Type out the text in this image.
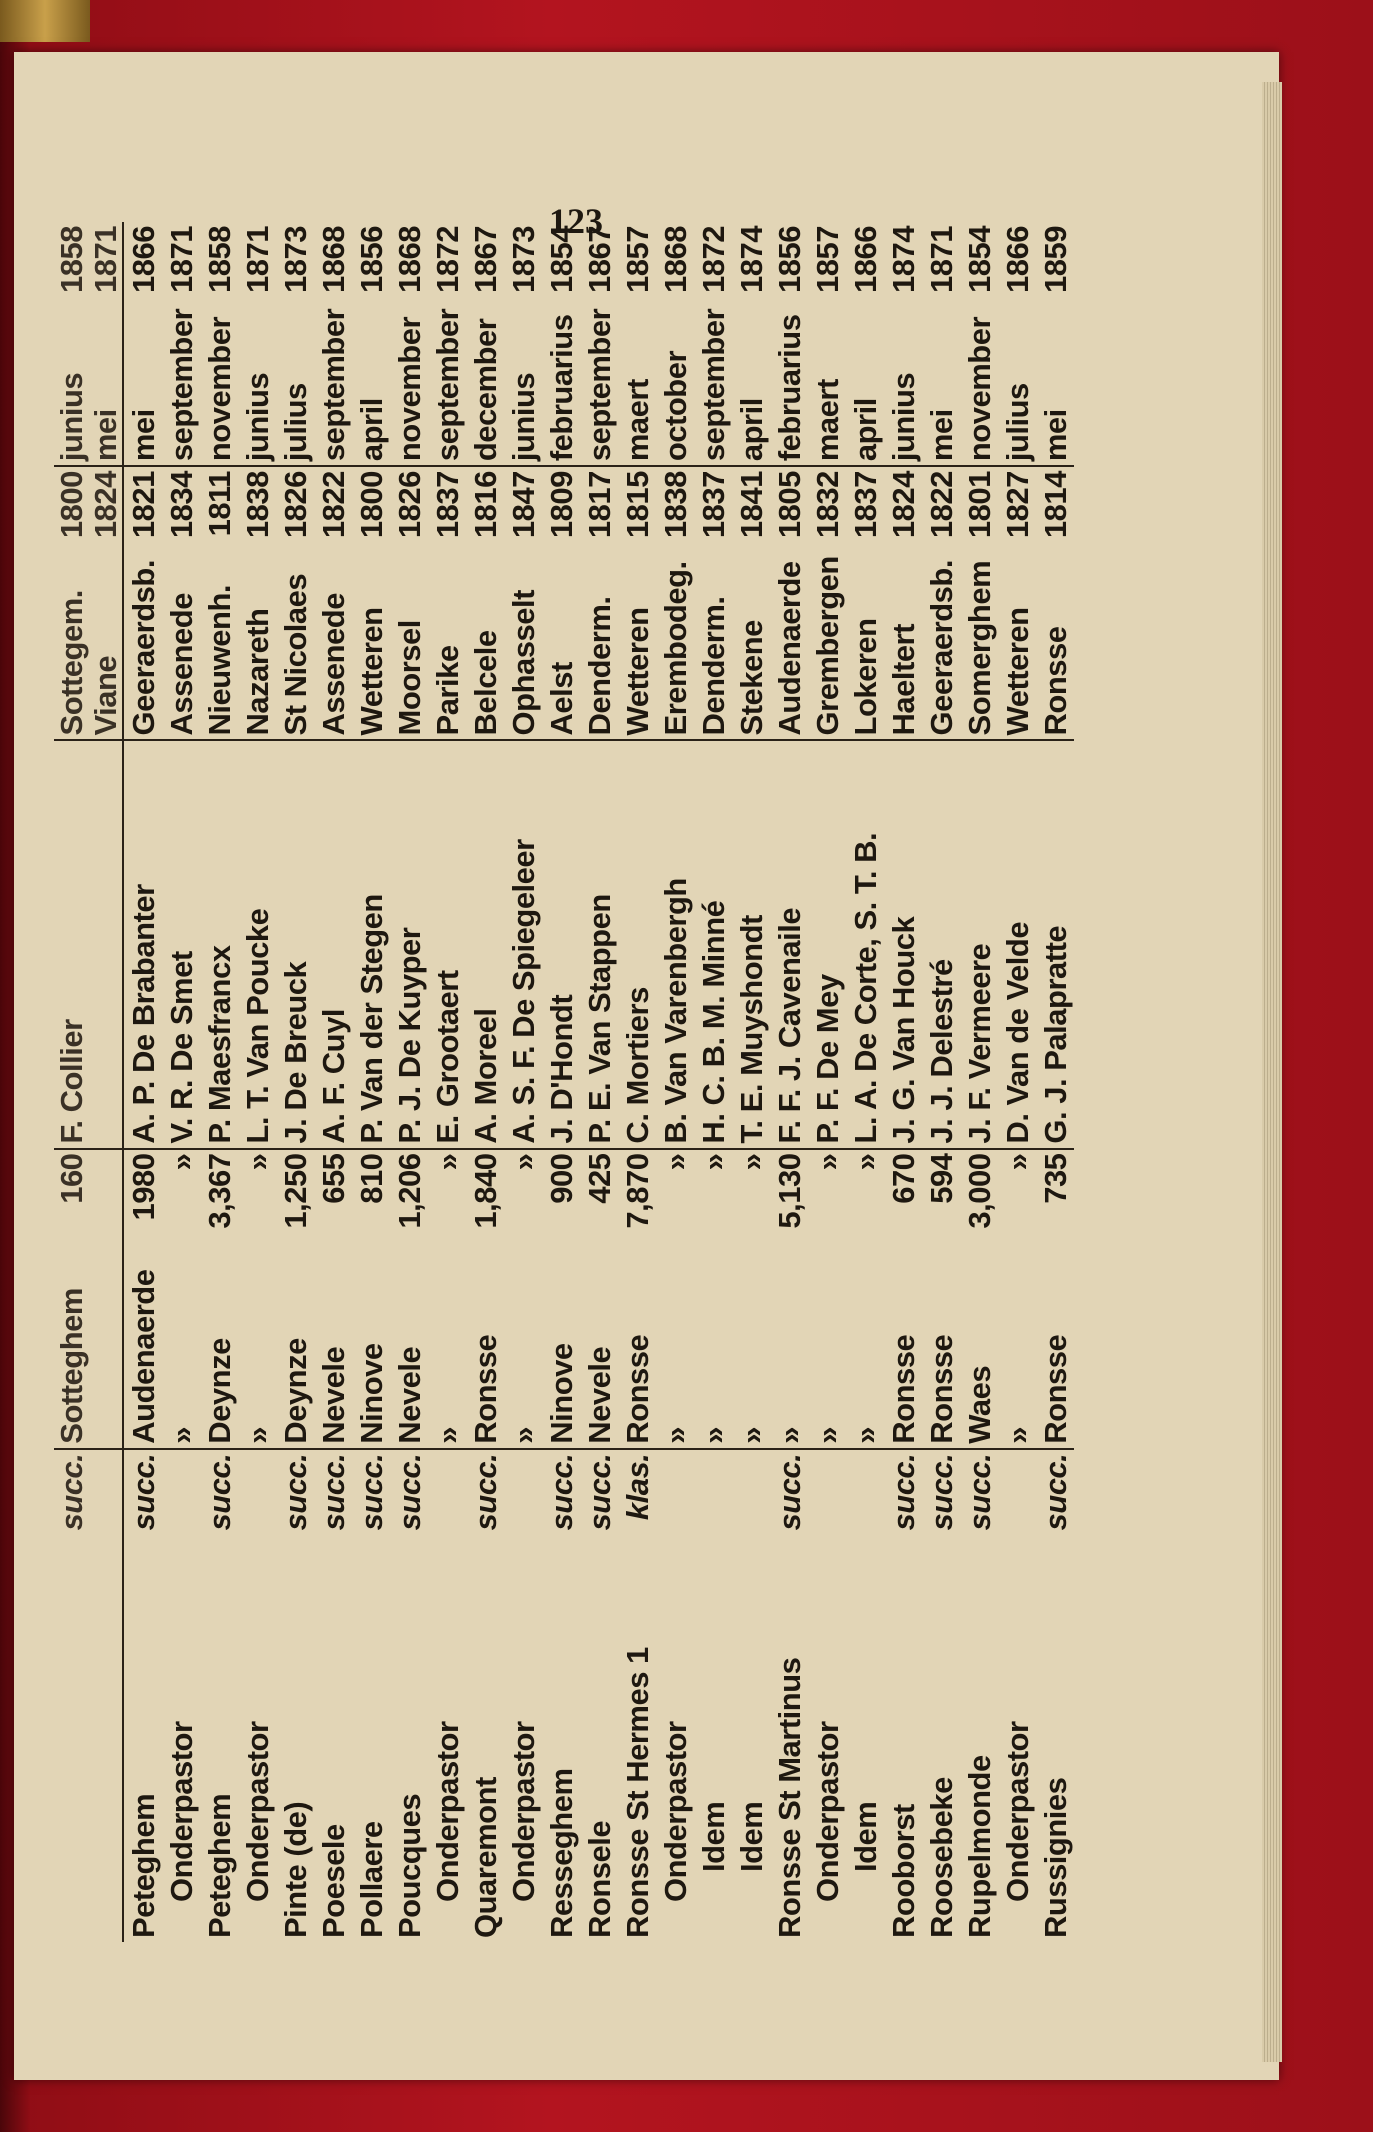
123
	succ.	Sotteghem	160	F. Collier	Sottegem.	1800	junius	1858
					Viane	1824	mei	1871
Peteghem	succ.	Audenaerde	1980	A. P. De Brabanter	Geeraerdsb.	1821	mei	1866
Onderpastor		»	»	V. R. De Smet	Assenede	1834	september	1871
Peteghem	succ.	Deynze	3,367	P. Maesfrancx	Nieuwenh.	1811	november	1858
Onderpastor		»	»	L. T. Van Poucke	Nazareth	1838	junius	1871
Pinte (de)	succ.	Deynze	1,250	J. De Breuck	St Nicolaes	1826	julius	1873
Poesele	succ.	Nevele	655	A. F. Cuyl	Assenede	1822	september	1868
Pollaere	succ.	Ninove	810	P. Van der Stegen	Wetteren	1800	april	1856
Poucques	succ.	Nevele	1,206	P. J. De Kuyper	Moorsel	1826	november	1868
Onderpastor		»	»	E. Grootaert	Parike	1837	september	1872
Quaremont	succ.	Ronsse	1,840	A. Moreel	Belcele	1816	december	1867
Onderpastor		»	»	A. S. F. De Spiegeleer	Ophasselt	1847	junius	1873
Resseghem	succ.	Ninove	900	J. D'Hondt	Aelst	1809	februarius	1854
Ronsele	succ.	Nevele	425	P. E. Van Stappen	Denderm.	1817	september	1867
Ronsse St Hermes 1	klas.	Ronsse	7,870	C. Mortiers	Wetteren	1815	maert	1857
Onderpastor		»	»	B. Van Varenbergh	Erembodeg.	1838	october	1868
Idem		»	»	H. C. B. M. Minné	Denderm.	1837	september	1872
Idem		»	»	T. E. Muyshondt	Stekene	1841	april	1874
Ronsse St Martinus	succ.	»	5,130	F. F. J. Cavenaile	Audenaerde	1805	februarius	1856
Onderpastor		»	»	P. F. De Mey	Grembergen	1832	maert	1857
Idem		»	»	L. A. De Corte, S. T. B.	Lokeren	1837	april	1866
Rooborst	succ.	Ronsse	670	J. G. Van Houck	Haeltert	1824	junius	1874
Roosebeke	succ.	Ronsse	594	J. J. Delestré	Geeraerdsb.	1822	mei	1871
Rupelmonde	succ.	Waes	3,000	J. F. Vermeere	Somerghem	1801	november	1854
Onderpastor		»	»	D. Van de Velde	Wetteren	1827	julius	1866
Russignies	succ.	Ronsse	735	G. J. Palapratte	Ronsse	1814	mei	1859
